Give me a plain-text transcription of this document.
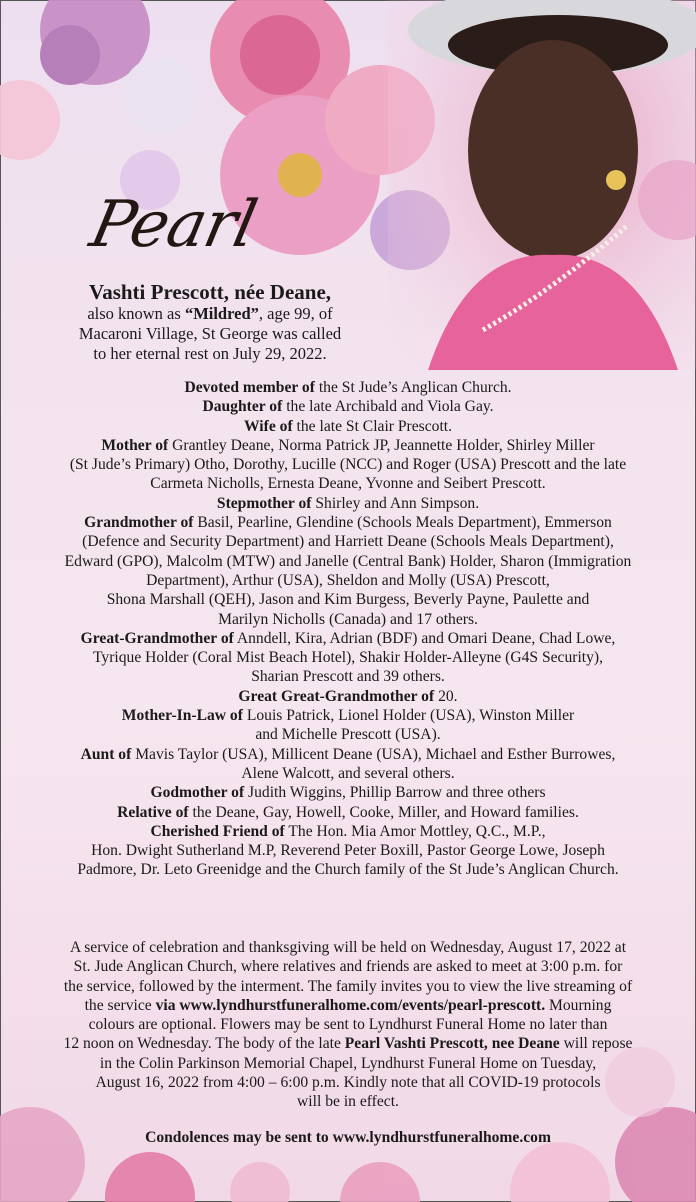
Pearl
Vashti Prescott, née Deane,
also known as “Mildred”, age 99, of
Macaroni Village, St George was called
to her eternal rest on July 29, 2022.

Devoted member of the St Jude’s Anglican Church.

Daughter of the late Archibald and Viola Gay.

Wife of the late St Clair Prescott.

Mother of Grantley Deane, Norma Patrick JP, Jeannette Holder, Shirley Miller
(St Jude’s Primary) Otho, Dorothy, Lucille (NCC) and Roger (USA) Prescott and the late
Carmeta Nicholls, Ernesta Deane, Yvonne and Seibert Prescott.

Stepmother of Shirley and Ann Simpson.

Grandmother of Basil, Pearline, Glendine (Schools Meals Department), Emmerson
(Defence and Security Department) and Harriett Deane (Schools Meals Department),
Edward (GPO), Malcolm (MTW) and Janelle (Central Bank) Holder, Sharon (Immigration
Department), Arthur (USA), Sheldon and Molly (USA) Prescott,
Shona Marshall (QEH), Jason and Kim Burgess, Beverly Payne, Paulette and
Marilyn Nicholls (Canada) and 17 others.

Great-Grandmother of Anndell, Kira, Adrian (BDF) and Omari Deane, Chad Lowe,
Tyrique Holder (Coral Mist Beach Hotel), Shakir Holder-Alleyne (G4S Security),
Sharian Prescott and 39 others.

Great Great-Grandmother of 20.

Mother-In-Law of Louis Patrick, Lionel Holder (USA), Winston Miller
and Michelle Prescott (USA).

Aunt of Mavis Taylor (USA), Millicent Deane (USA), Michael and Esther Burrowes,
Alene Walcott, and several others.

Godmother of Judith Wiggins, Phillip Barrow and three others

Relative of the Deane, Gay, Howell, Cooke, Miller, and Howard families.

Cherished Friend of The Hon. Mia Amor Mottley, Q.C., M.P.,
Hon. Dwight Sutherland M.P, Reverend Peter Boxill, Pastor George Lowe, Joseph
Padmore, Dr. Leto Greenidge and the Church family of the St Jude’s Anglican Church.

A service of celebration and thanksgiving will be held on Wednesday, August 17, 2022 at

St. Jude Anglican Church, where relatives and friends are asked to meet at 3:00 p.m. for

the service, followed by the interment. The family invites you to view the live streaming of

the service via www.lyndhurstfuneralhome.com/events/pearl-prescott. Mourning

colours are optional. Flowers may be sent to Lyndhurst Funeral Home no later than

12 noon on Wednesday. The body of the late Pearl Vashti Prescott, nee Deane will repose

in the Colin Parkinson Memorial Chapel, Lyndhurst Funeral Home on Tuesday,

August 16, 2022 from 4:00 – 6:00 p.m. Kindly note that all COVID-19 protocols

will be in effect.

Condolences may be sent to www.lyndhurstfuneralhome.com
